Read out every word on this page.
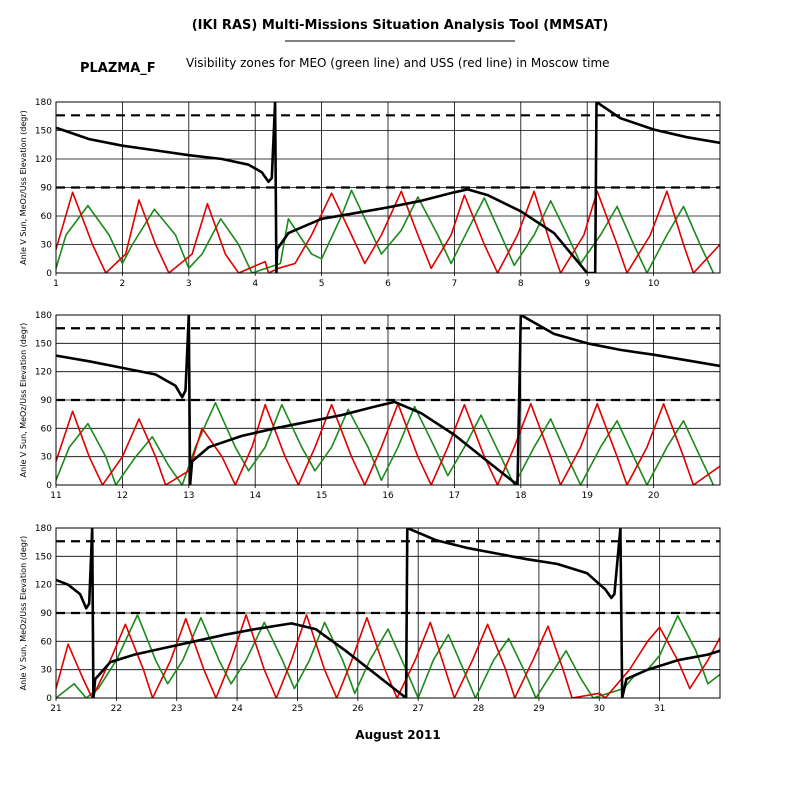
(IKI RAS) Multi-Missions Situation Analysis Tool (MMSAT)
PLAZMA_F	Visibility zones for MEO (green line) and USS (red line) in Moscow time
August 2011
1	2	3	4	5	6	7	8	9	10
0
30
60
90
120
150
180
Anle V Sun, MeOz/Uss Elevation (degr)
11	12	13	14	15	16	17	18	19	20
0
30
60
90
120
150
180
Anle V Sun, MeOz/Uss Elevation (degr)
21	22	23	24	25	26	27	28	29	30	31
0
30
60
90
120
150
180
Anle V Sun, MeOz/Uss Elevation (degr)
